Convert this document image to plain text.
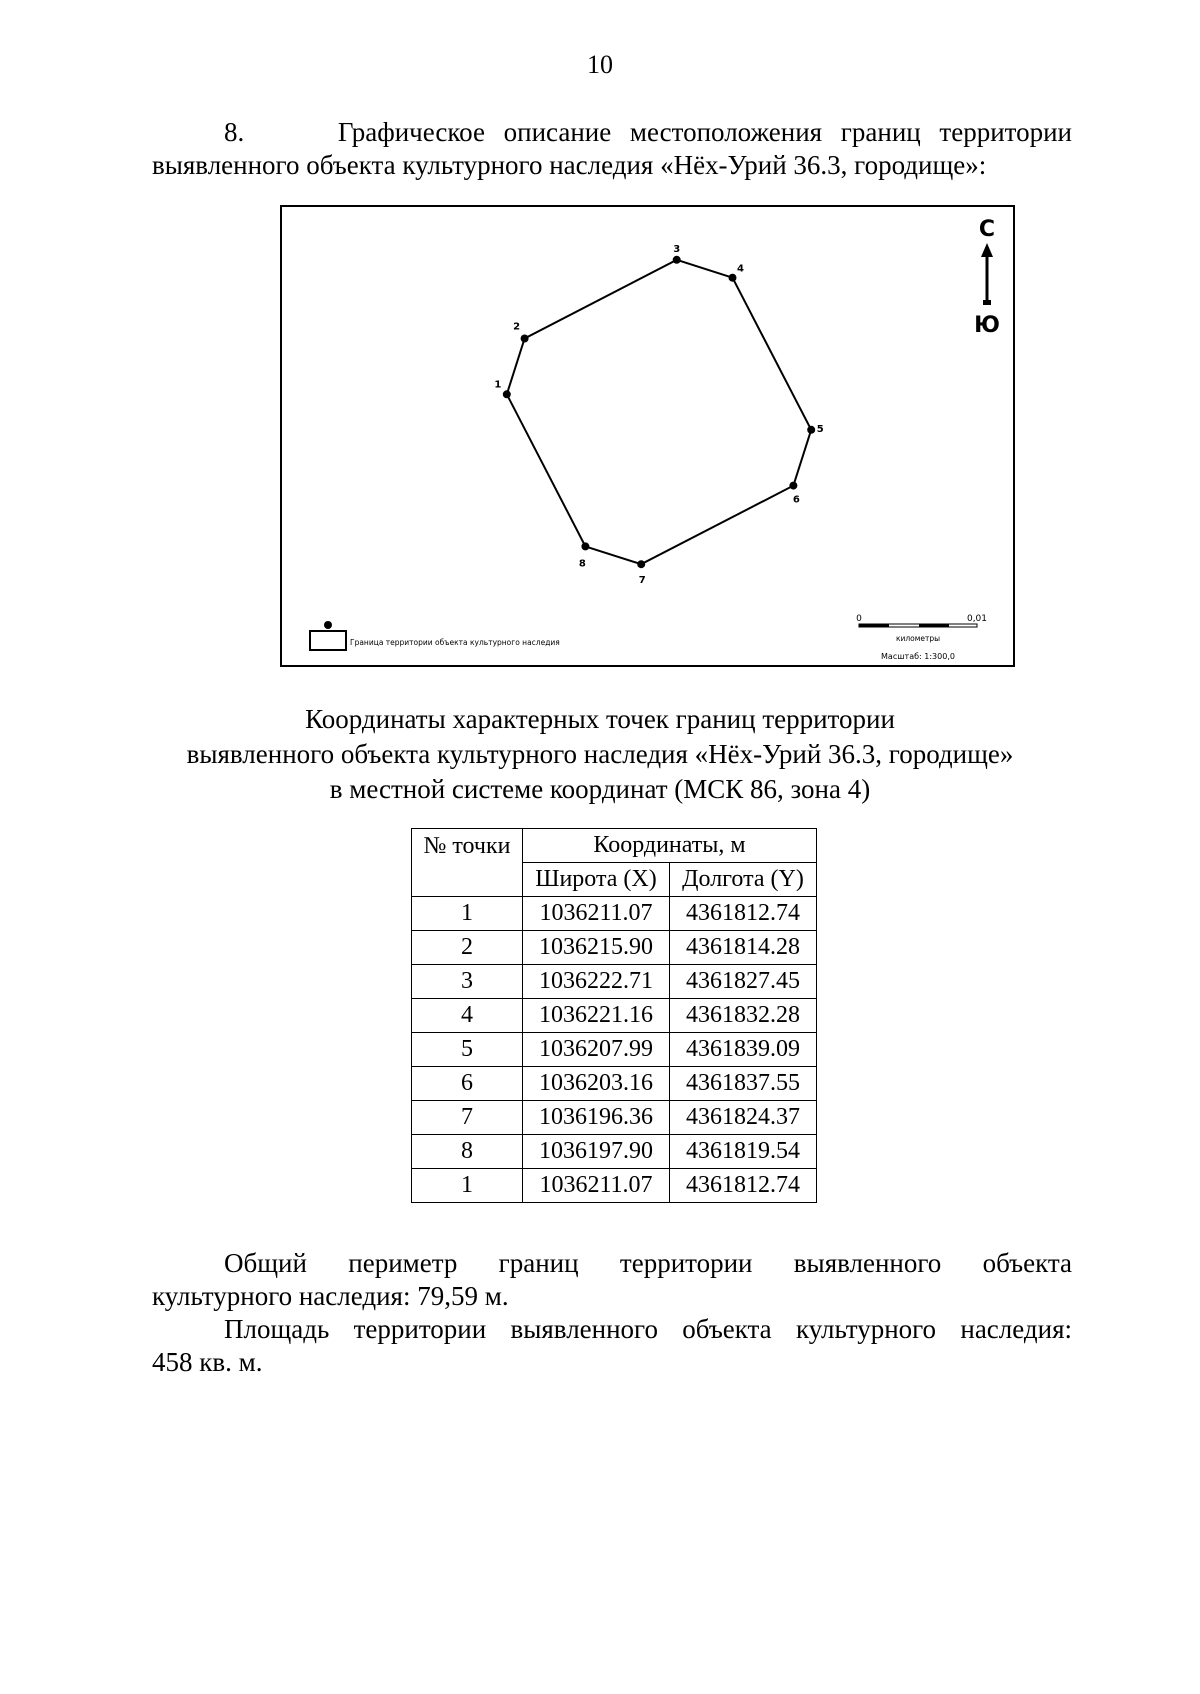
10
8.	Графическое описание местоположения границ территории
выявленного объекта культурного наследия «Нёх-Урий 36.3, городище»:
1
2
3
4
5
6
7
8
С
Ю
Граница территории объекта культурного наследия
0	0,01
километры
Масштаб: 1:300,0
Координаты характерных точек границ территории
выявленного объекта культурного наследия «Нёх-Урий 36.3, городище»
в местной системе координат (МСК 86, зона 4)
№ точки	Координаты, м	
	Широта (X)	Долгота (Y)
1	1036211.07	4361812.74
2	1036215.90	4361814.28
3	1036222.71	4361827.45
4	1036221.16	4361832.28
5	1036207.99	4361839.09
6	1036203.16	4361837.55
7	1036196.36	4361824.37
8	1036197.90	4361819.54
1	1036211.07	4361812.74
Общий периметр границ территории выявленного объекта
культурного наследия: 79,59 м.
Площадь территории выявленного объекта культурного наследия:
458 кв. м.
